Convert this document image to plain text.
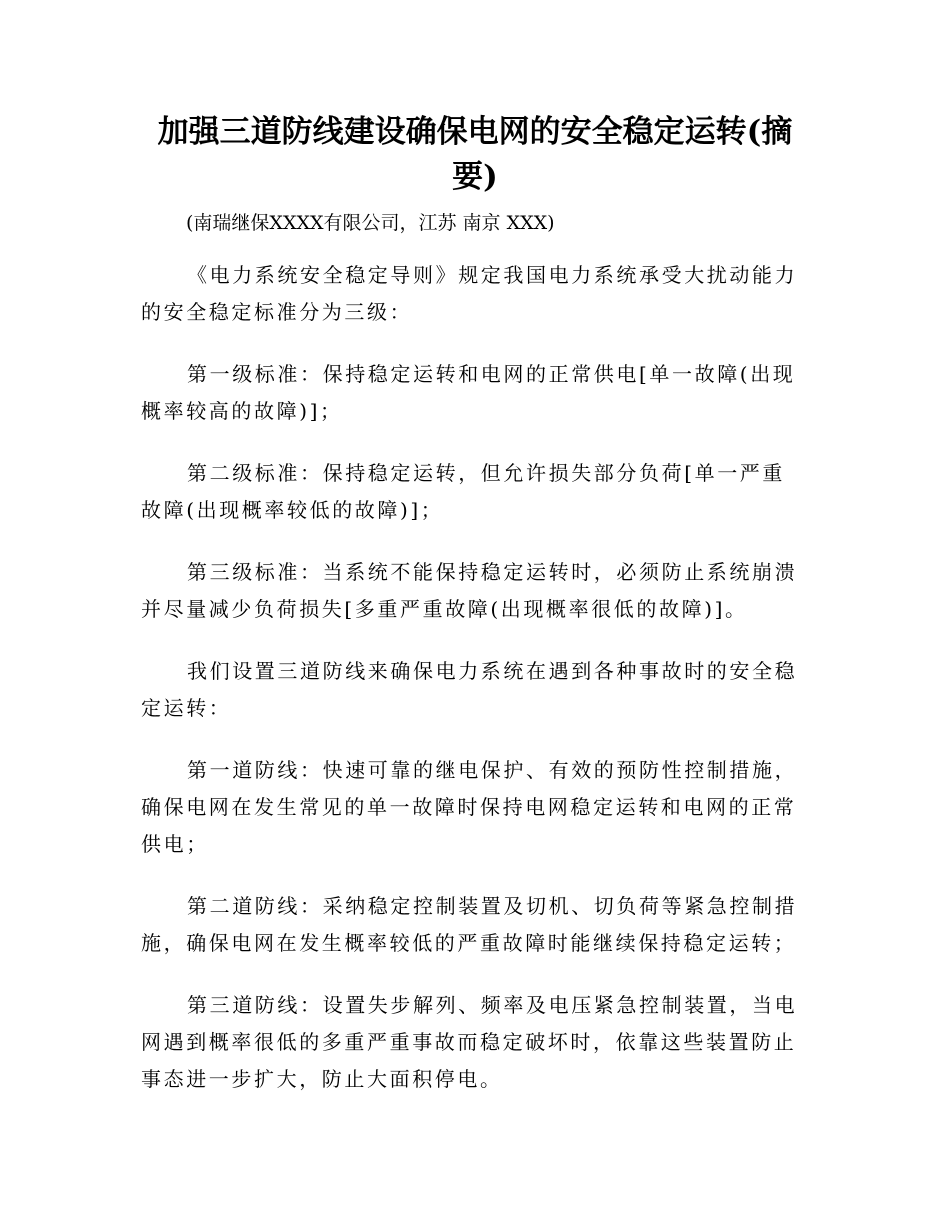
加强三道防线建设确保电网的安全稳定运转(摘要)

(南瑞继保XXXX有限公司，江苏 南京 XXX)

《电力系统安全稳定导则》规定我国电力系统承受大扰动能力的安全稳定标准分为三级：

第一级标准：保持稳定运转和电网的正常供电[单一故障(出现概率较高的故障)]；

第二级标准：保持稳定运转，但允许损失部分负荷[单一严重故障(出现概率较低的故障)]；

第三级标准：当系统不能保持稳定运转时，必须防止系统崩溃并尽量减少负荷损失[多重严重故障(出现概率很低的故障)]。

我们设置三道防线来确保电力系统在遇到各种事故时的安全稳定运转：

第一道防线：快速可靠的继电保护、有效的预防性控制措施，确保电网在发生常见的单一故障时保持电网稳定运转和电网的正常供电；

第二道防线：采纳稳定控制装置及切机、切负荷等紧急控制措施，确保电网在发生概率较低的严重故障时能继续保持稳定运转；

第三道防线：设置失步解列、频率及电压紧急控制装置，当电网遇到概率很低的多重严重事故而稳定破坏时，依靠这些装置防止事态进一步扩大，防止大面积停电。
